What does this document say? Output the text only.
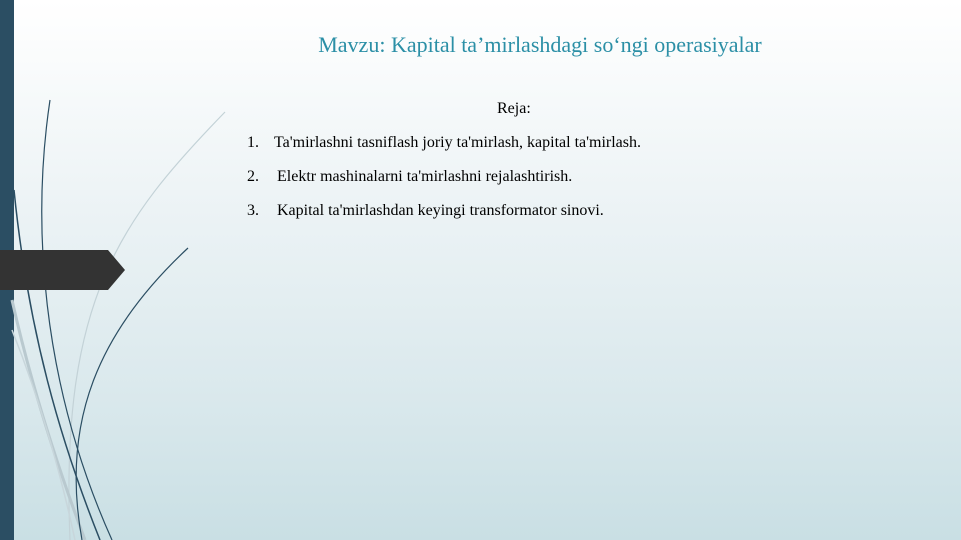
Mavzu: Kapital ta’mirlashdagi so‘ngi operasiyalar

Reja:

1. Ta'mirlashni tasniflash joriy ta'mirlash, kapital ta'mirlash.
2.	Elektr mashinalarni ta'mirlashni rejalashtirish.
3.	Kapital ta'mirlashdan keyingi transformator sinovi.
